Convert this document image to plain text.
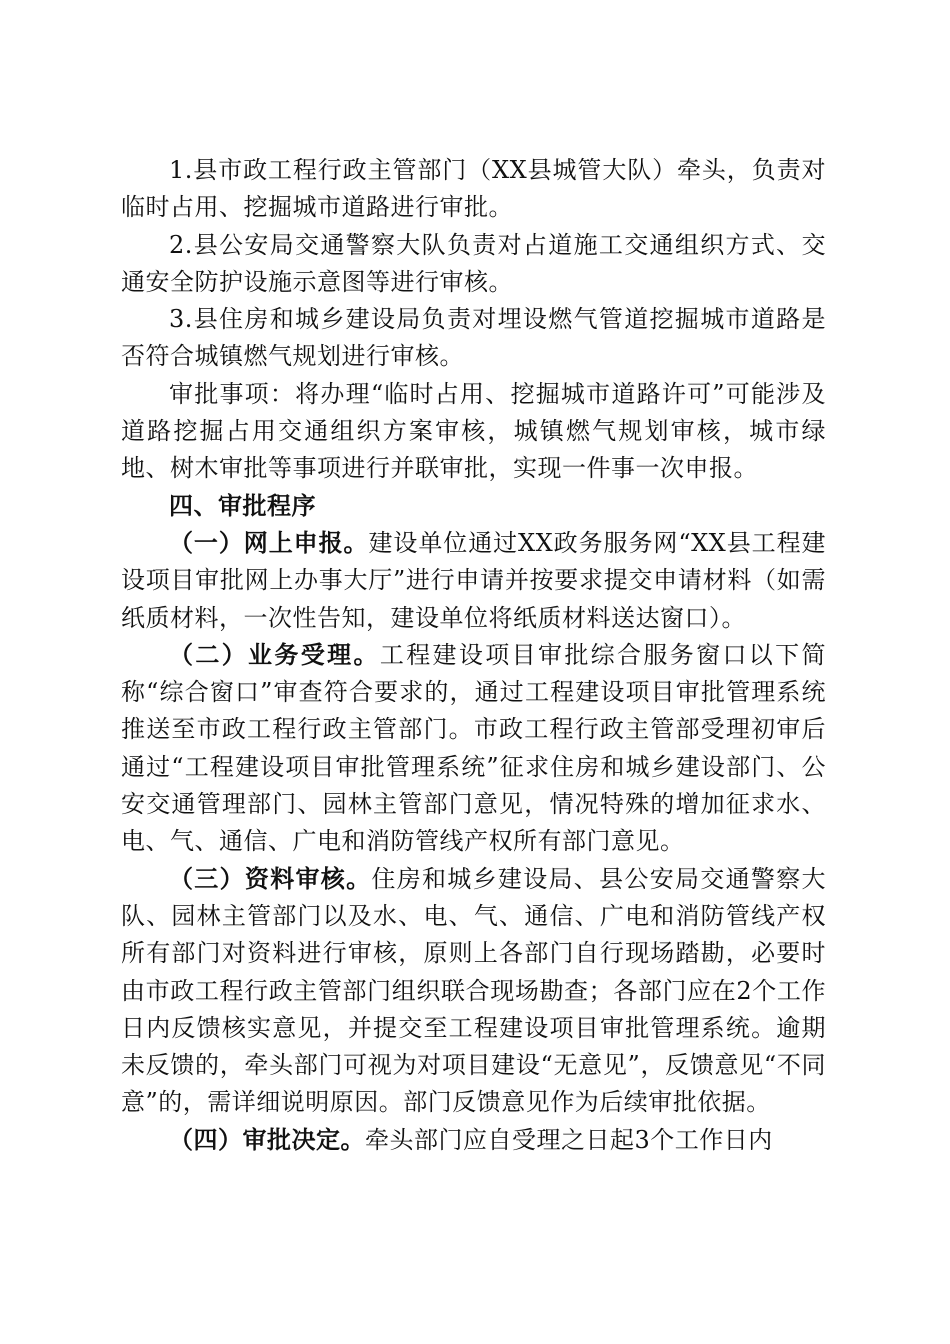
1.县市政工程行政主管部门（XX县城管大队）牵头，负责对临时占用、挖掘城市道路进行审批。

2.县公安局交通警察大队负责对占道施工交通组织方式、交通安全防护设施示意图等进行审核。

3.县住房和城乡建设局负责对埋设燃气管道挖掘城市道路是否符合城镇燃气规划进行审核。

审批事项：将办理“临时占用、挖掘城市道路许可”可能涉及道路挖掘占用交通组织方案审核，城镇燃气规划审核，城市绿地、树木审批等事项进行并联审批，实现一件事一次申报。

四、审批程序

（一）网上申报。建设单位通过XX政务服务网“XX县工程建设项目审批网上办事大厅”进行申请并按要求提交申请材料（如需纸质材料，一次性告知，建设单位将纸质材料送达窗口）。

（二）业务受理。工程建设项目审批综合服务窗口以下简称“综合窗口”审查符合要求的，通过工程建设项目审批管理系统推送至市政工程行政主管部门。市政工程行政主管部受理初审后通过“工程建设项目审批管理系统”征求住房和城乡建设部门、公安交通管理部门、园林主管部门意见，情况特殊的增加征求水、电、气、通信、广电和消防管线产权所有部门意见。

（三）资料审核。住房和城乡建设局、县公安局交通警察大队、园林主管部门以及水、电、气、通信、广电和消防管线产权所有部门对资料进行审核，原则上各部门自行现场踏勘，必要时由市政工程行政主管部门组织联合现场勘查；各部门应在2个工作日内反馈核实意见，并提交至工程建设项目审批管理系统。逾期未反馈的，牵头部门可视为对项目建设“无意见”，反馈意见“不同意”的，需详细说明原因。部门反馈意见作为后续审批依据。

（四）审批决定。牵头部门应自受理之日起3个工作日内
